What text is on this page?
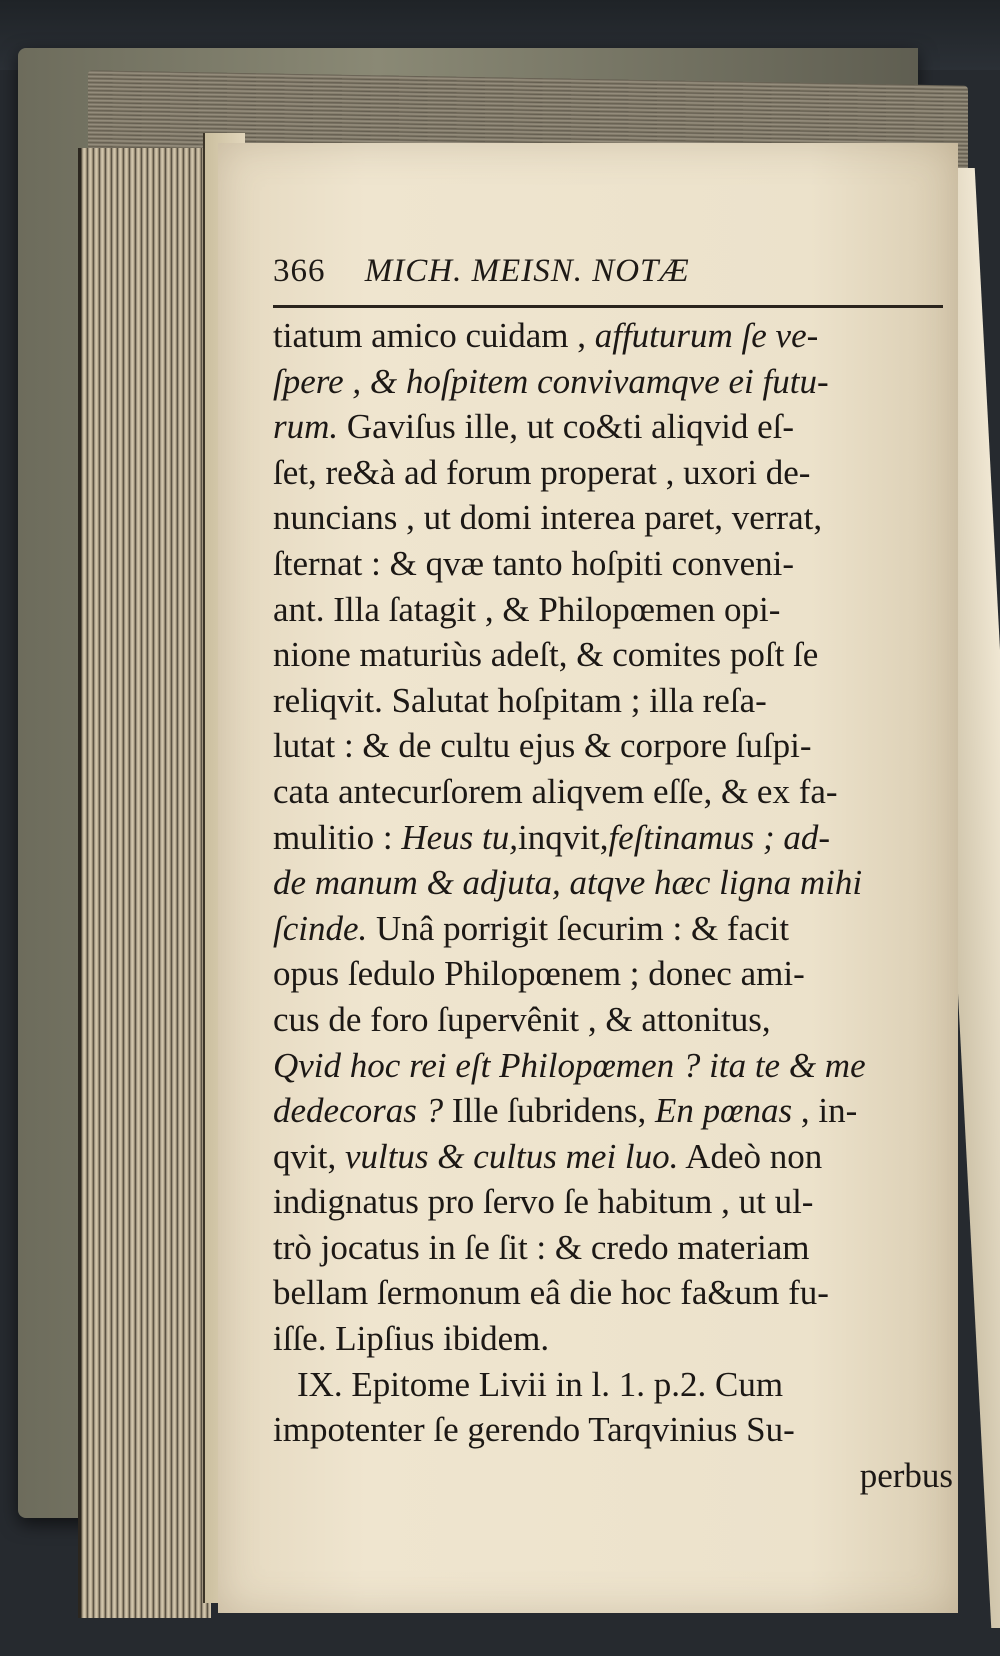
366 MICH. MEISN. NOTÆ
tiatum amico cuidam , affuturum ſe ve-
ſpere , & hoſpitem convivamqve ei futu-
rum. Gaviſus ille, ut co&ti aliqvid eſ-
ſet, re&à ad forum properat , uxori de-
nuncians , ut domi interea paret, verrat,
ſternat : & qvæ tanto hoſpiti conveni-
ant. Illa ſatagit , & Philopœmen opi-
nione maturiùs adeſt, & comites poſt ſe
reliqvit. Salutat hoſpitam ; illa reſa-
lutat : & de cultu ejus & corpore ſuſpi-
cata antecurſorem aliqvem eſſe, & ex fa-
mulitio : Heus tu,inqvit,feſtinamus ; ad-
de manum & adjuta, atqve hæc ligna mihi
ſcinde. Unâ porrigit ſecurim : & facit
opus ſedulo Philopœnem ; donec ami-
cus de foro ſupervênit , & attonitus,
Qvid hoc rei eſt Philopœmen ? ita te & me
dedecoras ? Ille ſubridens, En pœnas , in-
qvit, vultus & cultus mei luo. Adeò non
indignatus pro ſervo ſe habitum , ut ul-
trò jocatus in ſe ſit : & credo materiam
bellam ſermonum eâ die hoc fa&um fu-
iſſe. Lipſius ibidem.
IX. Epitome Livii in l. 1. p.2. Cum
impotenter ſe gerendo Tarqvinius Su-
perbus
